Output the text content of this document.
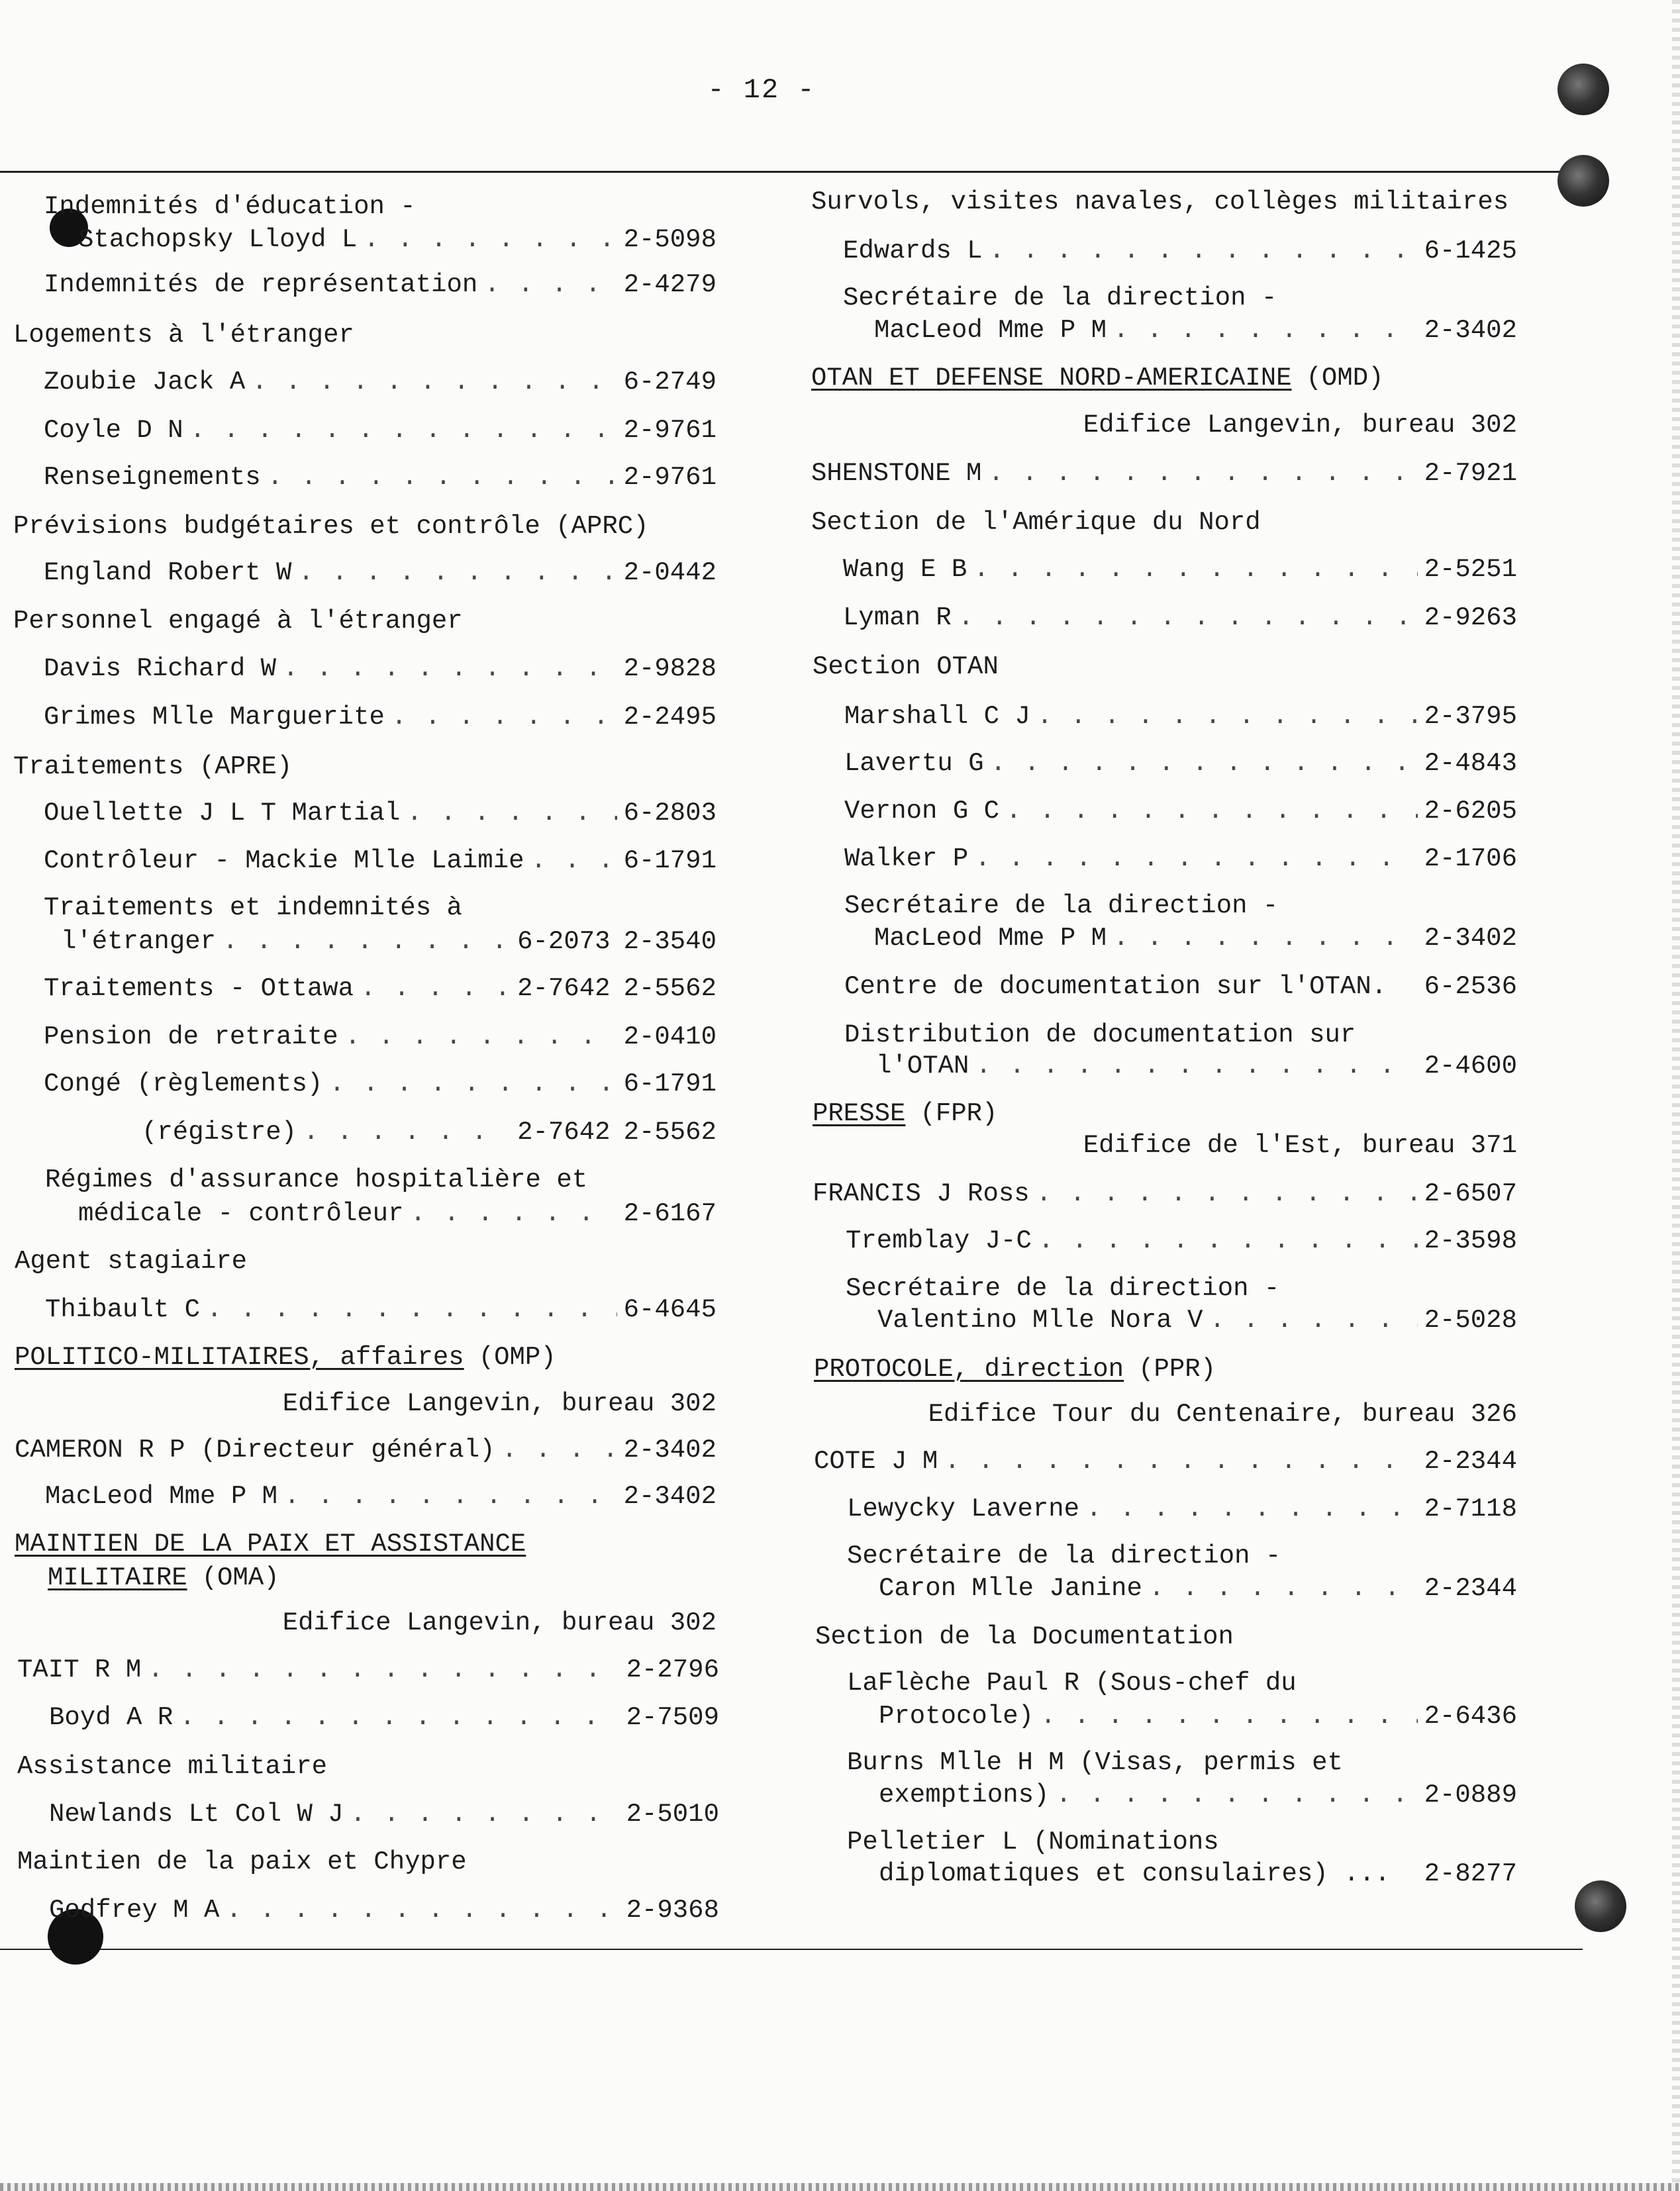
- 12 -
Indemnités d'éducation -
Stachopsky Lloyd L . . .	2-5098
Indemnités de représentation . . .	2-4279
Logements à l'étranger
Zoubie Jack A . . .	6-2749
Coyle D N . . .	2-9761
Renseignements . . .	2-9761
Prévisions budgétaires et contrôle (APRC)
England Robert W . . .	2-0442
Personnel engagé à l'étranger
Davis Richard W . . .	2-9828
Grimes Mlle Marguerite . . .	2-2495
Traitements (APRE)
Ouellette J L T Martial . . .	6-2803
Contrôleur - Mackie Mlle Laimie . . .	6-1791
Traitements et indemnités à
l'étranger . . .	6-2073 2-3540
Traitements - Ottawa . . .	2-7642 2-5562
Pension de retraite . . .	2-0410
Congé (règlements) . . .	6-1791
(régistre) . . .	2-7642 2-5562
Régimes d'assurance hospitalière et
médicale - contrôleur . . .	2-6167
Agent stagiaire
Thibault C . . .	6-4645
POLITICO-MILITAIRES, affaires (OMP)
Edifice Langevin, bureau 302
CAMERON R P (Directeur général) . . .	2-3402
MacLeod Mme P M . . .	2-3402
MAINTIEN DE LA PAIX ET ASSISTANCE
MILITAIRE (OMA)
Edifice Langevin, bureau 302
TAIT R M . . .	2-2796
Boyd A R . . .	2-7509
Assistance militaire
Newlands Lt Col W J . . .	2-5010
Maintien de la paix et Chypre
Godfrey M A . . .	2-9368
Survols, visites navales, collèges militaires
Edwards L . . .	6-1425
Secrétaire de la direction -
MacLeod Mme P M . . .	2-3402
OTAN ET DEFENSE NORD-AMERICAINE (OMD)
Edifice Langevin, bureau 302
SHENSTONE M . . .	2-7921
Section de l'Amérique du Nord
Wang E B . . .	2-5251
Lyman R . . .	2-9263
Section OTAN
Marshall C J . . .	2-3795
Lavertu G . . .	2-4843
Vernon G C . . .	2-6205
Walker P . . .	2-1706
Secrétaire de la direction -
MacLeod Mme P M . . .	2-3402
Centre de documentation sur l'OTAN. 6-2536
Distribution de documentation sur
l'OTAN . . .	2-4600
PRESSE (FPR)
Edifice de l'Est, bureau 371
FRANCIS J Ross . . .	2-6507
Tremblay J-C . . .	2-3598
Secrétaire de la direction -
Valentino Mlle Nora V . . .	2-5028
PROTOCOLE, direction (PPR)
Edifice Tour du Centenaire, bureau 326
COTE J M . . .	2-2344
Lewycky Laverne . . .	2-7118
Secrétaire de la direction -
Caron Mlle Janine . . .	2-2344
Section de la Documentation
LaFlèche Paul R (Sous-chef du
Protocole) . . .	2-6436
Burns Mlle H M (Visas, permis et
exemptions) . . .	2-0889
Pelletier L (Nominations
diplomatiques et consulaires) ... 2-8277
